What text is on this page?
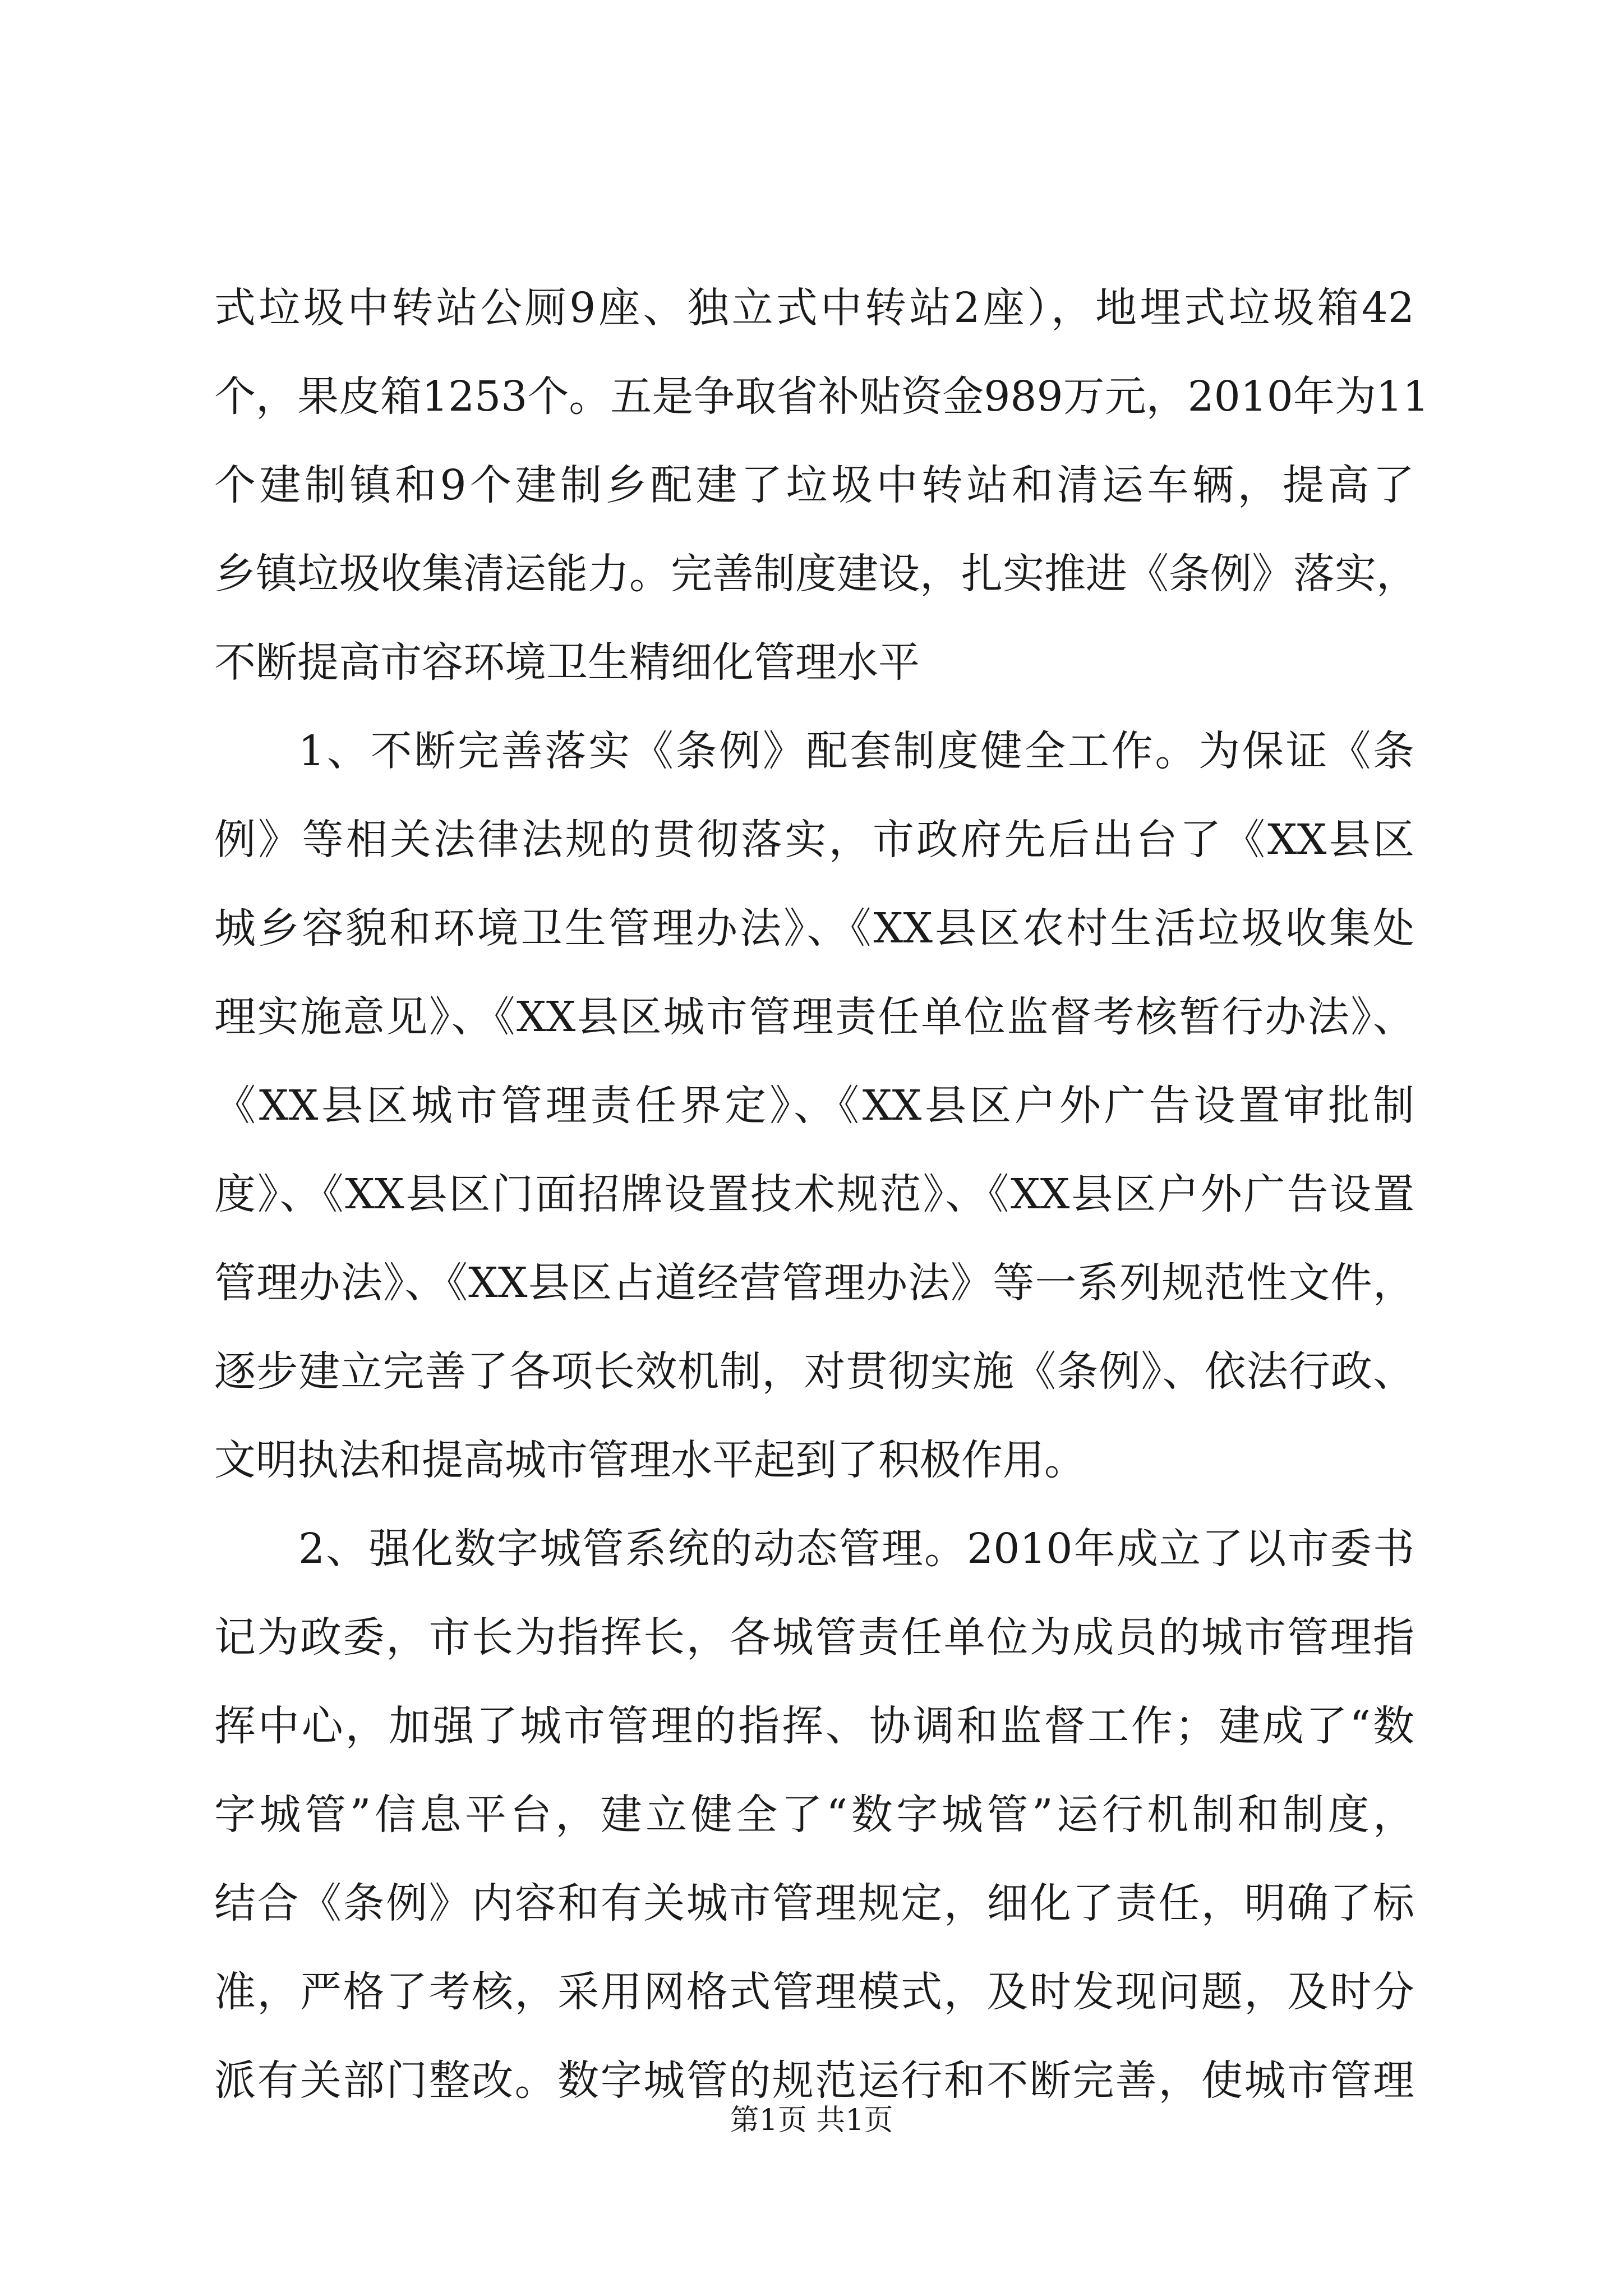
式垃圾中转站公厕9座、独立式中转站2座），地埋式垃圾箱42
个，果皮箱1253个。五是争取省补贴资金989万元，2010年为11
个建制镇和9个建制乡配建了垃圾中转站和清运车辆，提高了
乡镇垃圾收集清运能力。完善制度建设，扎实推进《条例》落实，
不断提高市容环境卫生精细化管理水平
1、不断完善落实《条例》配套制度健全工作。为保证《条
例》等相关法律法规的贯彻落实，市政府先后出台了《XX县区
城乡容貌和环境卫生管理办法》、《XX县区农村生活垃圾收集处
理实施意见》、《XX县区城市管理责任单位监督考核暂行办法》、
《XX县区城市管理责任界定》、《XX县区户外广告设置审批制
度》、《XX县区门面招牌设置技术规范》、《XX县区户外广告设置
管理办法》、《XX县区占道经营管理办法》等一系列规范性文件，
逐步建立完善了各项长效机制，对贯彻实施《条例》、依法行政、
文明执法和提高城市管理水平起到了积极作用。
2、强化数字城管系统的动态管理。2010年成立了以市委书
记为政委，市长为指挥长，各城管责任单位为成员的城市管理指
挥中心，加强了城市管理的指挥、协调和监督工作；建成了“数
字城管”信息平台，建立健全了“数字城管”运行机制和制度，
结合《条例》内容和有关城市管理规定，细化了责任，明确了标
准，严格了考核，采用网格式管理模式，及时发现问题，及时分
派有关部门整改。数字城管的规范运行和不断完善，使城市管理
第1页 共1页
